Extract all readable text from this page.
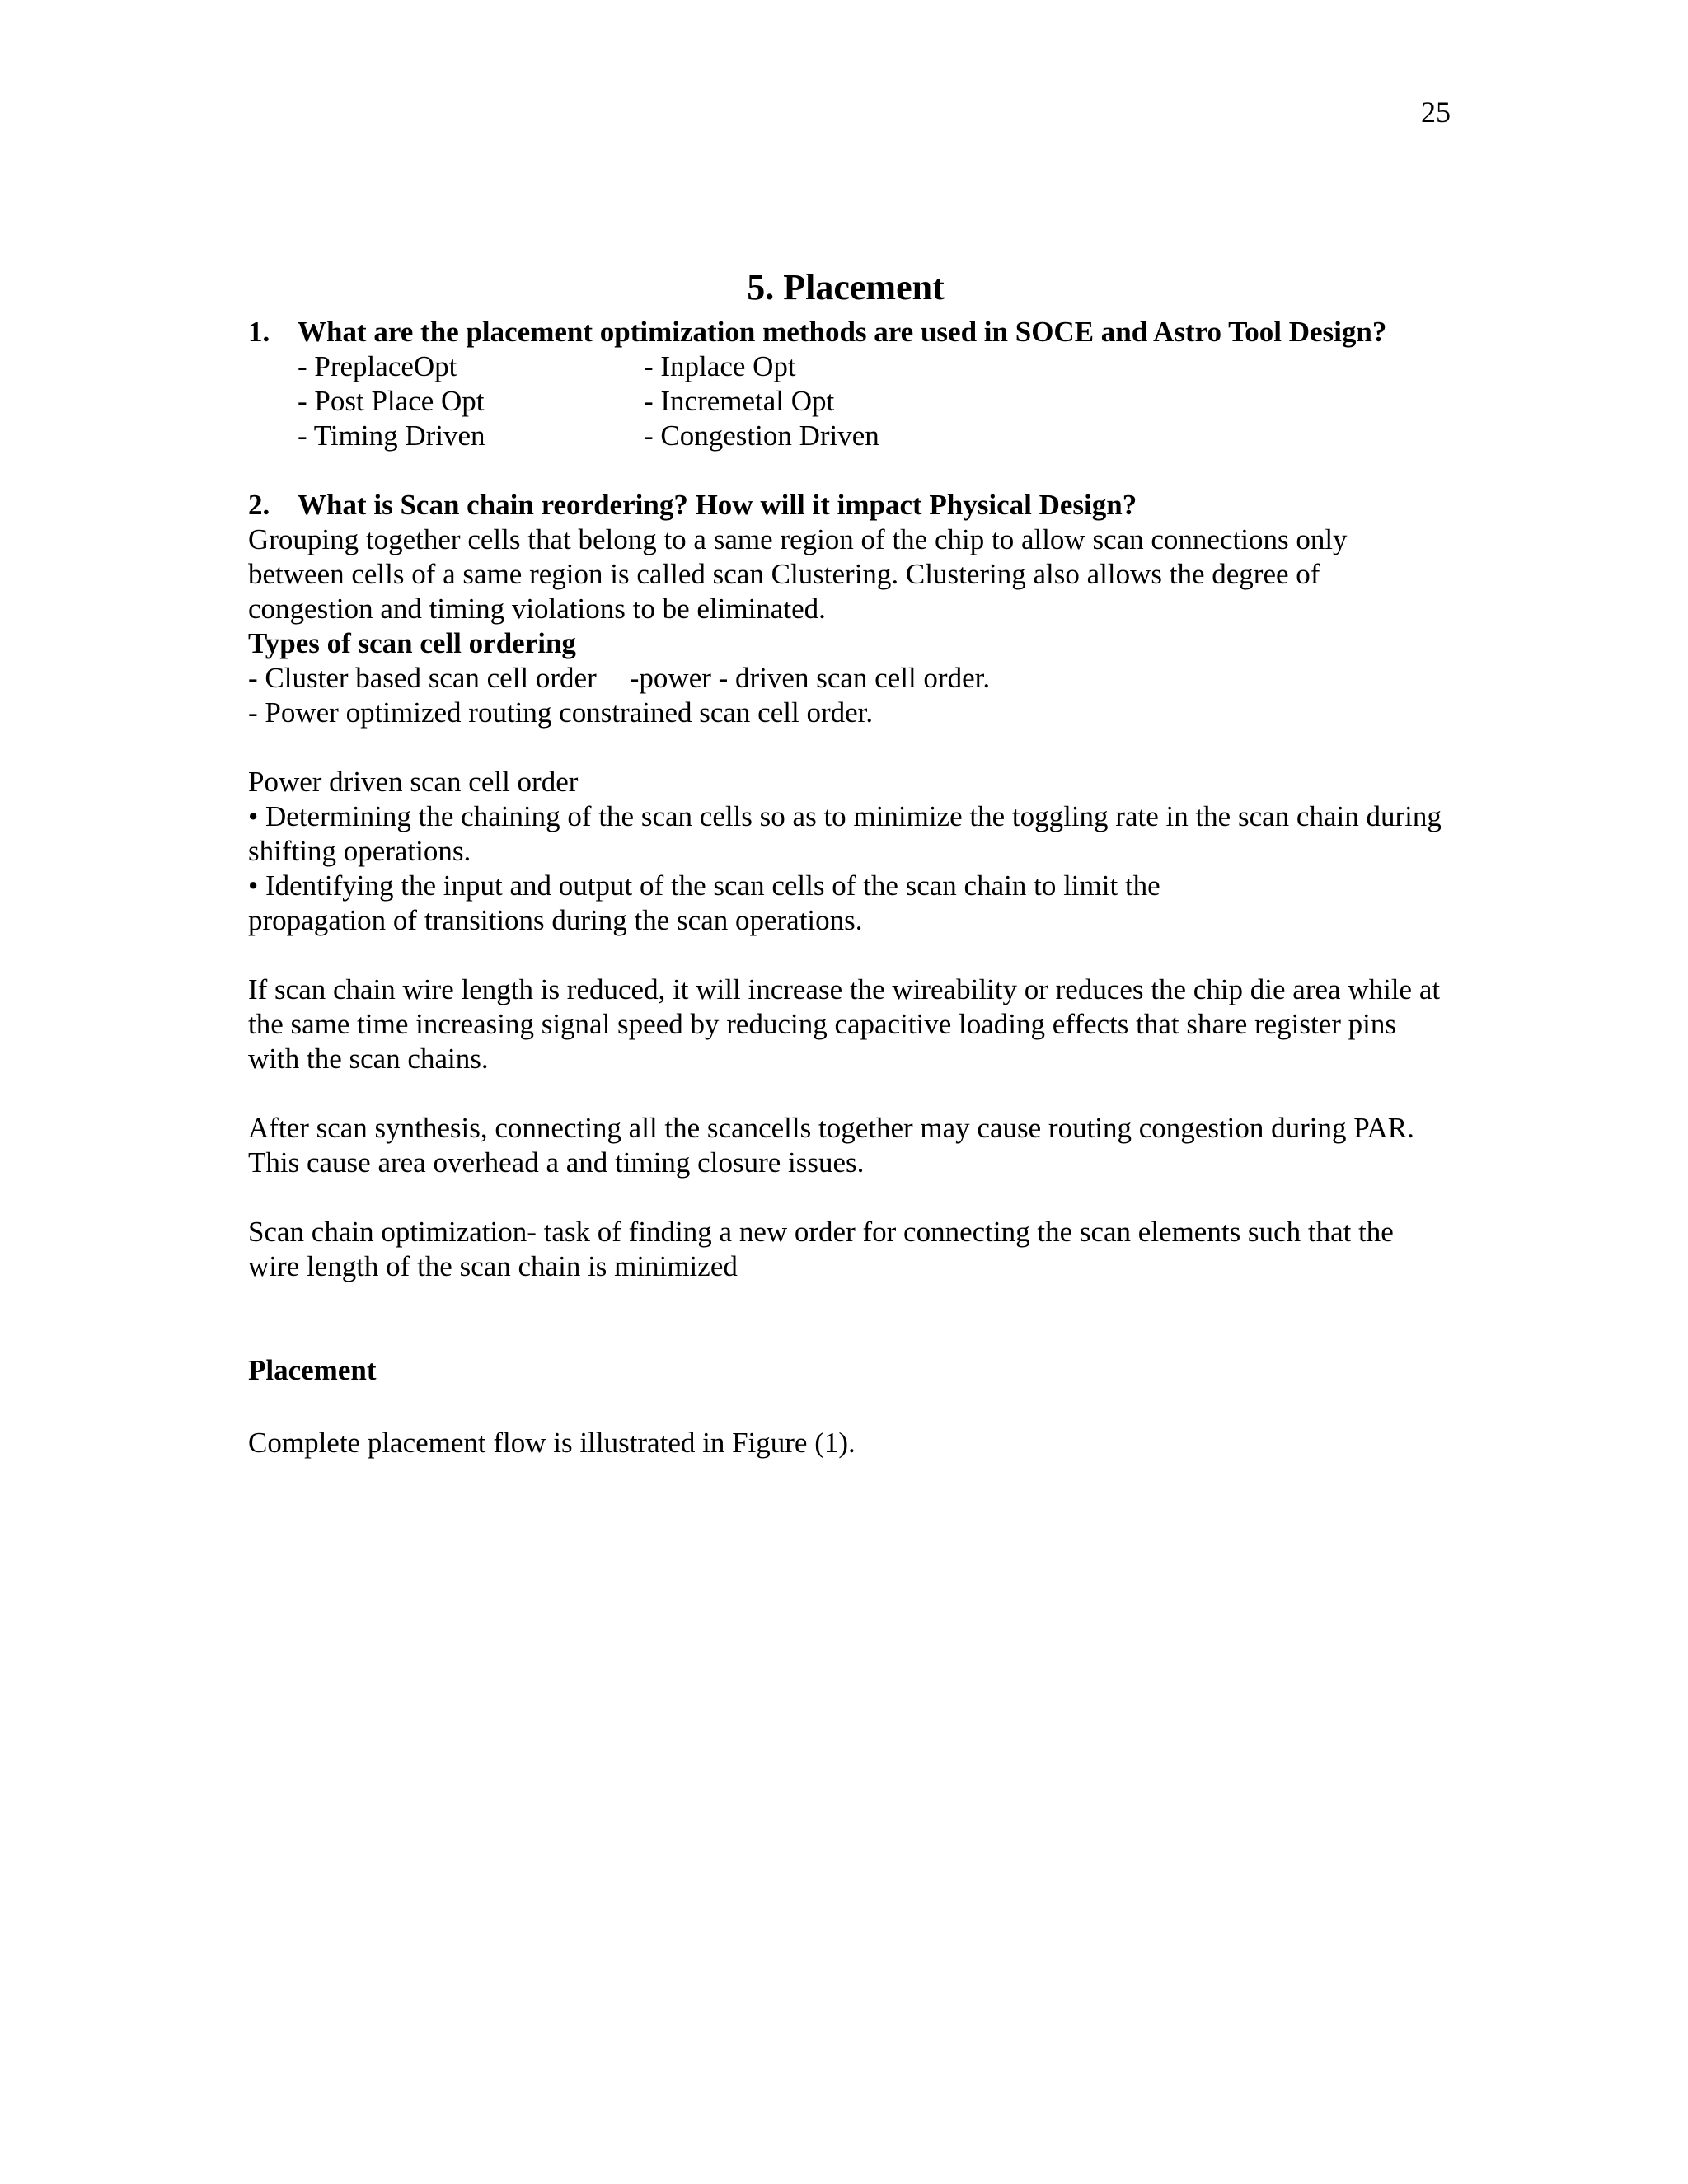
25
5. Placement

1. What are the placement optimization methods are used in SOCE and Astro Tool Design?

- PreplaceOpt	- Inplace Opt
- Post Place Opt	- Incremetal Opt
- Timing Driven	- Congestion Driven

2. What is Scan chain reordering? How will it impact Physical Design?

Grouping together cells that belong to a same region of the chip to allow scan connections only between cells of a same region is called scan Clustering. Clustering also allows the degree of congestion and timing violations to be eliminated.

Types of scan cell ordering

- Cluster based scan cell order -power - driven scan cell order.

- Power optimized routing constrained scan cell order.

Power driven scan cell order

• Determining the chaining of the scan cells so as to minimize the toggling rate in the scan chain during shifting operations.

• Identifying the input and output of the scan cells of the scan chain to limit the
propagation of transitions during the scan operations.

If scan chain wire length is reduced, it will increase the wireability or reduces the chip die area while at the same time increasing signal speed by reducing capacitive loading effects that share register pins with the scan chains.

After scan synthesis, connecting all the scancells together may cause routing congestion during PAR. This cause area overhead a and timing closure issues.

Scan chain optimization- task of finding a new order for connecting the scan elements such that the wire length of the scan chain is minimized

Placement

Complete placement flow is illustrated in Figure (1).
